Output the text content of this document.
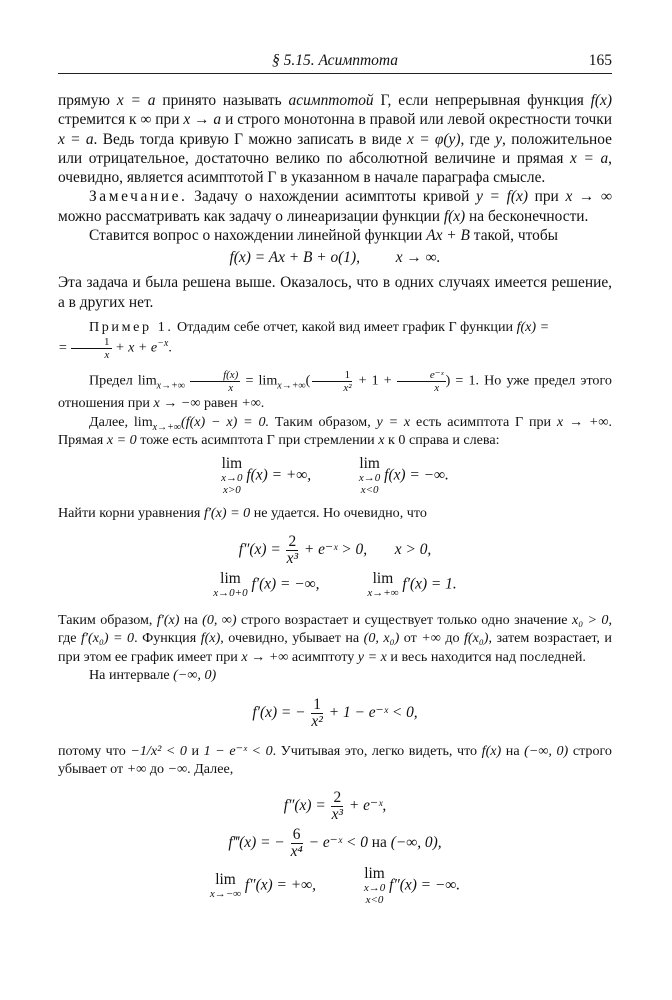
§ 5.15. Асимптота	165

прямую x = a принято называть асимптотой Γ, если непрерывная функция f(x) стремится к ∞ при x → a и строго монотонна в правой или левой окрестности точки x = a. Ведь тогда кривую Γ можно записать в виде x = φ(y), где y, положительное или отрицательное, достаточно велико по абсолютной величине и прямая x = a, очевидно, является асимптотой Γ в указанном в начале параграфа смысле.

Замечание. Задачу о нахождении асимптоты кривой y = f(x) при x → ∞ можно рассматривать как задачу о линеаризации функции f(x) на бесконечности.

Ставится вопрос о нахождении линейной функции Ax + B такой, чтобы

f(x) = Ax + B + o(1), x → ∞.

Эта задача и была решена выше. Оказалось, что в одних случаях имеется решение, а в других нет.

Пример 1. Отдадим себе отчет, какой вид имеет график Γ функции f(x) =
= $\frac{1}{x} + x + e^{-x}$.

Предел $\lim_{x\to+\infty} \frac{f(x)}{x} = \lim_{x\to+\infty}( \frac{1}{\text{x²}} + 1 + \frac{\text{e⁻ˣ}}{x}$ ) = 1. Но уже предел этого отношения при x → −∞ равен +∞.

Далее, $\lim_{x\to+\infty}(f(x) - x) = 0$. Таким образом, y = x есть асимптота Γ при x → +∞. Прямая x = 0 тоже есть асимптота Γ при стремлении x к 0 справа и слева:

lim
x→0
x>0
f(x) = +∞,
lim
x→0
x<0
f(x) = −∞.

Найти корни уравнения f′(x) = 0 не удается. Но очевидно, что

$f''(x) = \frac{2}{\text{x³}}$ + e⁻ˣ > 0, x > 0,
lim
x→0+0
f′(x) = −∞,	lim
x→+∞
f′(x) = 1.

Таким образом, f′(x) на (0, ∞) строго возрастает и существует только одно значение x₀ > 0, где f′(x₀) = 0. Функция f(x), очевидно, убывает на (0, x₀) от +∞ до f(x₀), затем возрастает, и при этом ее график имеет при x → +∞ асимптоту y = x и весь находится над последней.

На интервале (−∞, 0)

f′(x) = − $\frac{1}{\text{x²}} + 1$ − e⁻ˣ < 0,

потому что −1/x² < 0 и 1 − e⁻ˣ < 0. Учитывая это, легко видеть, что f(x) на (−∞, 0) строго убывает от +∞ до −∞. Далее,

$f''(x) = \frac{2}{\text{x³}}$ + e⁻ˣ,
f‴(x) = − $\frac{6}{\text{x⁴}}$ − e⁻ˣ < 0 на (−∞, 0),
lim
x→−∞
f″(x) = +∞,
lim
x→0
x<0
f″(x) = −∞.
